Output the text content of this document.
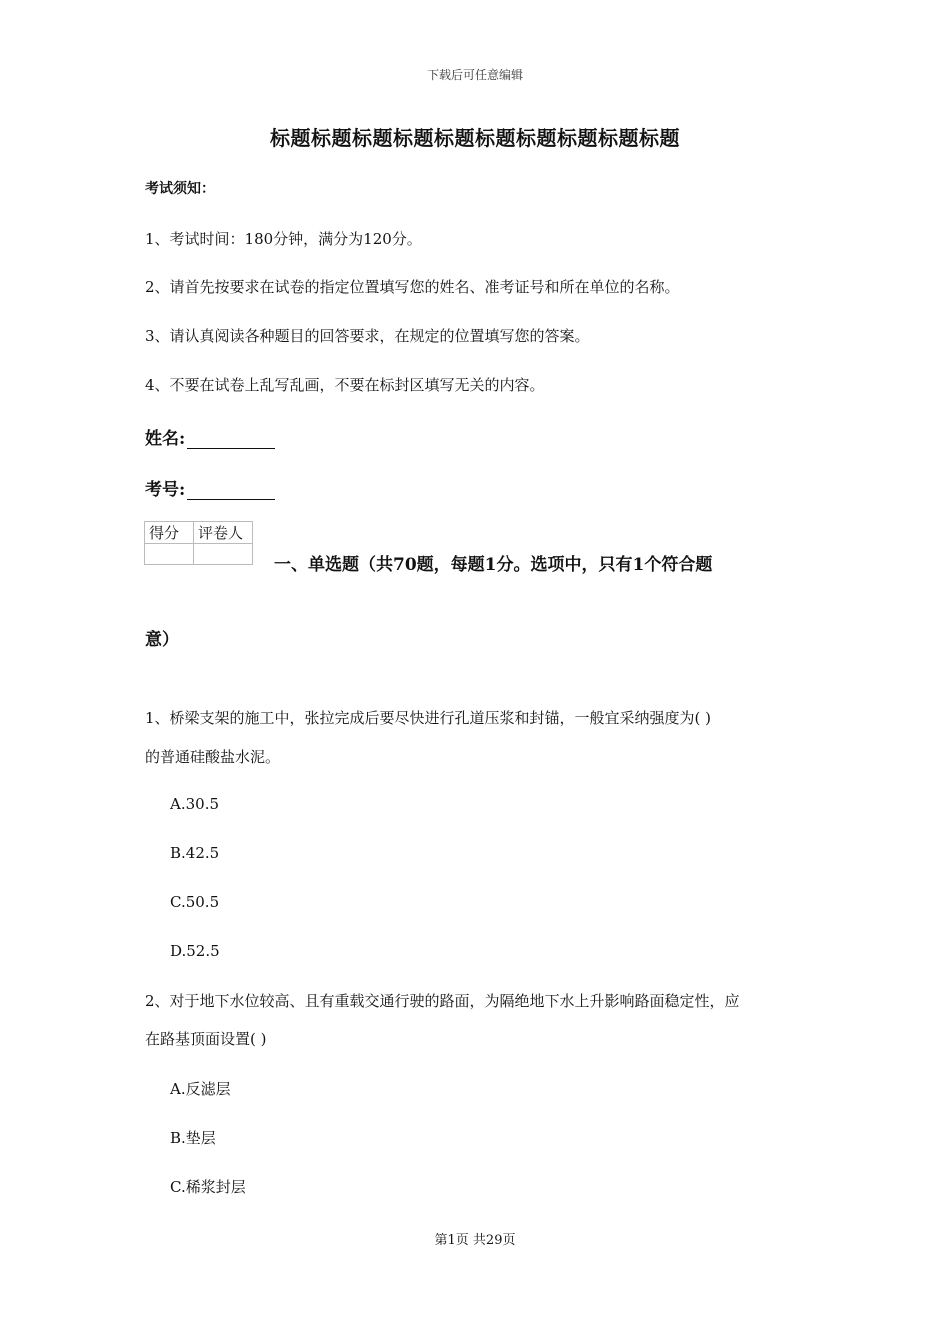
下载后可任意编辑
标题标题标题标题标题标题标题标题标题标题
考试须知：
1、考试时间：180分钟，满分为120分。
2、请首先按要求在试卷的指定位置填写您的姓名、准考证号和所在单位的名称。
3、请认真阅读各种题目的回答要求，在规定的位置填写您的答案。
4、不要在试卷上乱写乱画，不要在标封区填写无关的内容。
姓名:
考号:
得分	评卷人

一、单选题（共70题，每题1分。选项中，只有1个符合题
意）
1、桥梁支架的施工中，张拉完成后要尽快进行孔道压浆和封锚，一般宜采纳强度为( )
的普通硅酸盐水泥。
A.30.5
B.42.5
C.50.5
D.52.5
2、对于地下水位较高、且有重载交通行驶的路面，为隔绝地下水上升影响路面稳定性，应
在路基顶面设置( )
A.反滤层
B.垫层
C.稀浆封层
第1页 共29页
